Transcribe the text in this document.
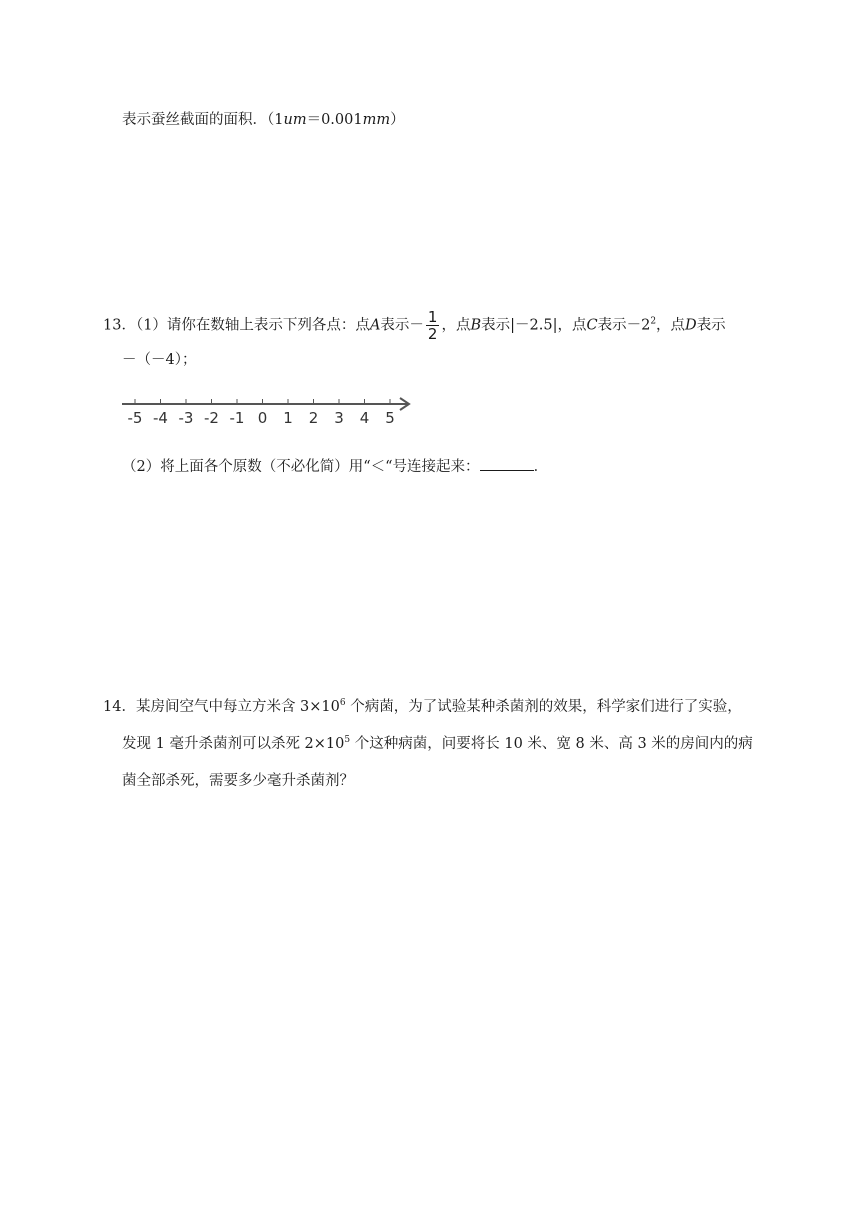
表示蚕丝截面的面积．（1um＝0.001mm）
13．（1）请你在数轴上表示下列各点：点A表示－ $\frac{1}{2}$ ，点B表示|－2.5|，点C表示$-2^2$，点D表示
－（－4）；
-5 -4 -3 -2 -1 0 1 2 3 4 5
（2）将上面各个原数（不必化简）用“＜“号连接起来：	．
14．某房间空气中每立方米含 $3\times 10^6$ 个病菌，为了试验某种杀菌剂的效果，科学家们进行了实验，
发现 1 毫升杀菌剂可以杀死 $2\times 10^5$ 个这种病菌，问要将长 10 米、宽 8 米、高 3 米的房间内的病
菌全部杀死，需要多少毫升杀菌剂？
